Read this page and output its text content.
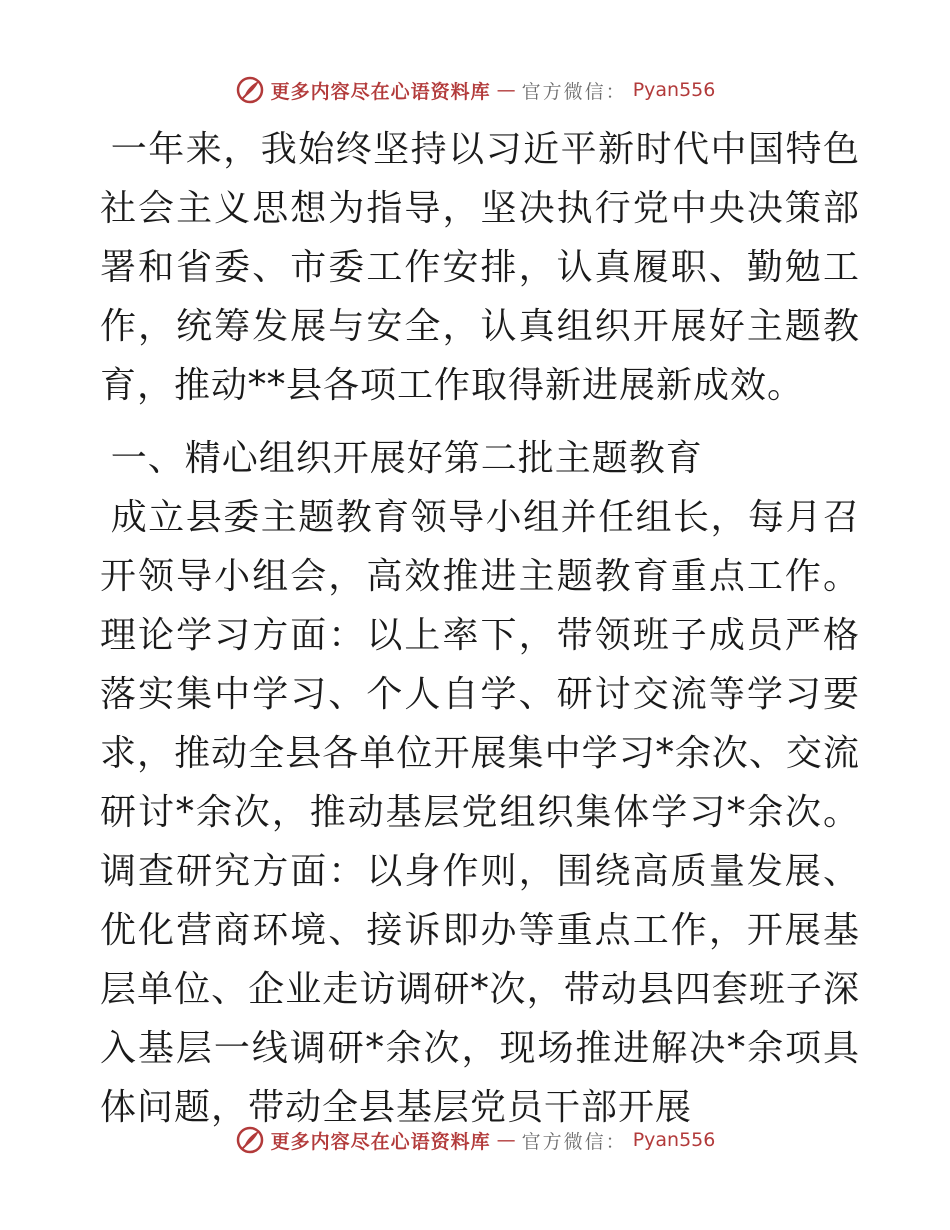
更多内容尽在心语资料库 — 官方微信： Pyan556

一年来，我始终坚持以习近平新时代中国特色社会主义思想为指导，坚决执行党中央决策部署和省委、市委工作安排，认真履职、勤勉工作，统筹发展与安全，认真组织开展好主题教育，推动**县各项工作取得新进展新成效。

一、精心组织开展好第二批主题教育

成立县委主题教育领导小组并任组长，每月召开领导小组会，高效推进主题教育重点工作。理论学习方面：以上率下，带领班子成员严格落实集中学习、个人自学、研讨交流等学习要求，推动全县各单位开展集中学习*余次、交流研讨*余次，推动基层党组织集体学习*余次。调查研究方面：以身作则，围绕高质量发展、优化营商环境、接诉即办等重点工作，开展基层单位、企业走访调研*次，带动县四套班子深入基层一线调研*余次，现场推进解决*余项具体问题，带动全县基层党员干部开展

更多内容尽在心语资料库 — 官方微信： Pyan556
